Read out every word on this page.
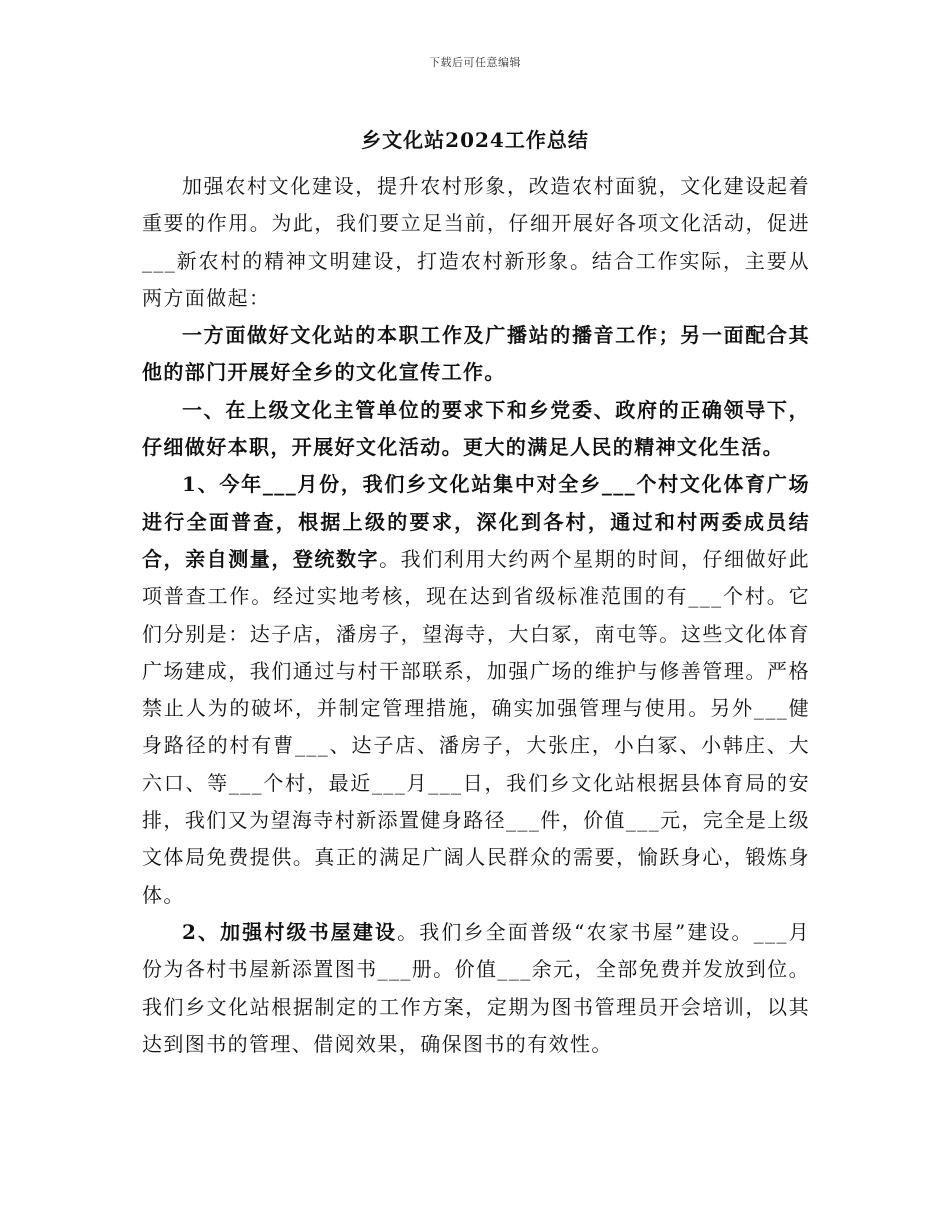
下载后可任意编辑
乡文化站2024工作总结

加强农村文化建设，提升农村形象，改造农村面貌，文化建设起着重要的作用。为此，我们要立足当前，仔细开展好各项文化活动，促进___新农村的精神文明建设，打造农村新形象。结合工作实际，主要从两方面做起：

一方面做好文化站的本职工作及广播站的播音工作；另一面配合其他的部门开展好全乡的文化宣传工作。

一、在上级文化主管单位的要求下和乡党委、政府的正确领导下，仔细做好本职，开展好文化活动。更大的满足人民的精神文化生活。

1、今年___月份，我们乡文化站集中对全乡___个村文化体育广场进行全面普查，根据上级的要求，深化到各村，通过和村两委成员结合，亲自测量，登统数字。我们利用大约两个星期的时间，仔细做好此项普查工作。经过实地考核，现在达到省级标准范围的有___个村。它们分别是：达子店，潘房子，望海寺，大白冢，南屯等。这些文化体育广场建成，我们通过与村干部联系，加强广场的维护与修善管理。严格禁止人为的破坏，并制定管理措施，确实加强管理与使用。另外___健身路径的村有曹___、达子店、潘房子，大张庄，小白冢、小韩庄、大六口、等___个村，最近___月___日，我们乡文化站根据县体育局的安排，我们又为望海寺村新添置健身路径___件，价值___元，完全是上级文体局免费提供。真正的满足广阔人民群众的需要，愉跃身心，锻炼身体。

2、加强村级书屋建设。我们乡全面普级“农家书屋”建设。___月份为各村书屋新添置图书___册。价值___余元，全部免费并发放到位。我们乡文化站根据制定的工作方案，定期为图书管理员开会培训，以其达到图书的管理、借阅效果，确保图书的有效性。
